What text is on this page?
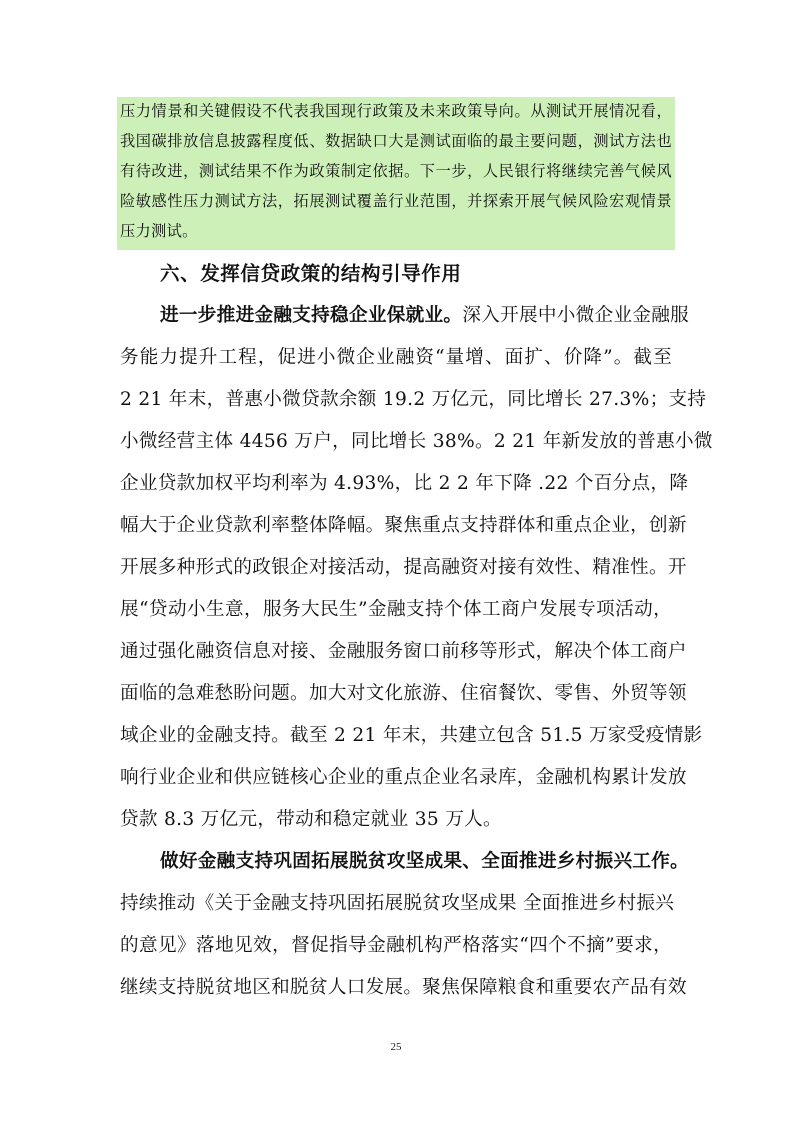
压力情景和关键假设不代表我国现行政策及未来政策导向。从测试开展情况看，
我国碳排放信息披露程度低、数据缺口大是测试面临的最主要问题，测试方法也
有待改进，测试结果不作为政策制定依据。下一步，人民银行将继续完善气候风
险敏感性压力测试方法，拓展测试覆盖行业范围，并探索开展气候风险宏观情景
压力测试。
六、发挥信贷政策的结构引导作用
进一步推进金融支持稳企业保就业。深入开展中小微企业金融服
务能力提升工程，促进小微企业融资“量增、面扩、价降”。截至
2 21 年末，普惠小微贷款余额 19.2 万亿元，同比增长 27.3%；支持
小微经营主体 4456 万户，同比增长 38%。2 21 年新发放的普惠小微
企业贷款加权平均利率为 4.93%，比 2 2 年下降 .22 个百分点，降
幅大于企业贷款利率整体降幅。聚焦重点支持群体和重点企业，创新
开展多种形式的政银企对接活动，提高融资对接有效性、精准性。开
展“贷动小生意，服务大民生”金融支持个体工商户发展专项活动，
通过强化融资信息对接、金融服务窗口前移等形式，解决个体工商户
面临的急难愁盼问题。加大对文化旅游、住宿餐饮、零售、外贸等领
域企业的金融支持。截至 2 21 年末，共建立包含 51.5 万家受疫情影
响行业企业和供应链核心企业的重点企业名录库，金融机构累计发放
贷款 8.3 万亿元，带动和稳定就业 35 万人。
做好金融支持巩固拓展脱贫攻坚成果、全面推进乡村振兴工作。
持续推动《关于金融支持巩固拓展脱贫攻坚成果 全面推进乡村振兴
的意见》落地见效，督促指导金融机构严格落实“四个不摘”要求，
继续支持脱贫地区和脱贫人口发展。聚焦保障粮食和重要农产品有效
25
